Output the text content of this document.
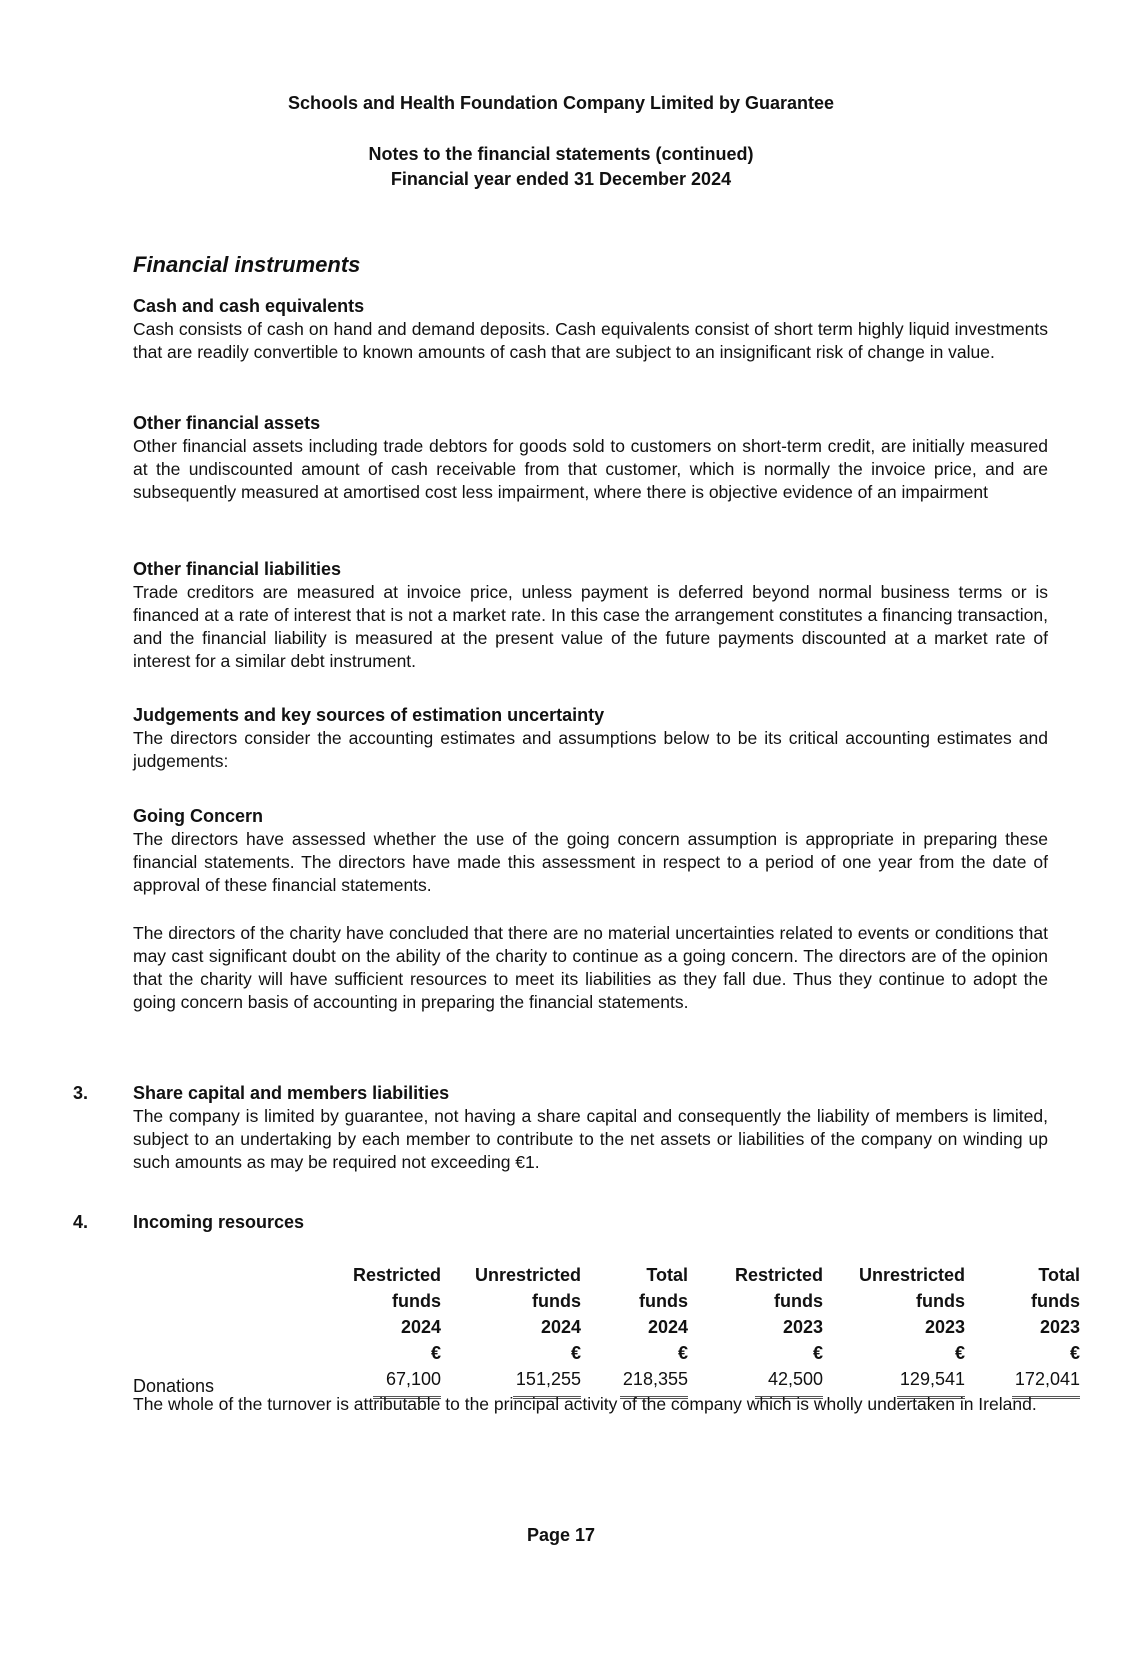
Schools and Health Foundation Company Limited by Guarantee
Notes to the financial statements (continued)
Financial year ended 31 December 2024
Financial instruments
Cash and cash equivalents

Cash consists of cash on hand and demand deposits. Cash equivalents consist of short term highly liquid investments that are readily convertible to known amounts of cash that are subject to an insignificant risk of change in value.

Other financial assets

Other financial assets including trade debtors for goods sold to customers on short-term credit, are initially measured at the undiscounted amount of cash receivable from that customer, which is normally the invoice price, and are subsequently measured at amortised cost less impairment, where there is objective evidence of an impairment

Other financial liabilities

Trade creditors are measured at invoice price, unless payment is deferred beyond normal business terms or is financed at a rate of interest that is not a market rate. In this case the arrangement constitutes a financing transaction, and the financial liability is measured at the present value of the future payments discounted at a market rate of interest for a similar debt instrument.

Judgements and key sources of estimation uncertainty

The directors consider the accounting estimates and assumptions below to be its critical accounting estimates and judgements:

Going Concern

The directors have assessed whether the use of the going concern assumption is appropriate in preparing these financial statements. The directors have made this assessment in respect to a period of one year from the date of approval of these financial statements.

The directors of the charity have concluded that there are no material uncertainties related to events or conditions that may cast significant doubt on the ability of the charity to continue as a going concern. The directors are of the opinion that the charity will have sufficient resources to meet its liabilities as they fall due. Thus they continue to adopt the going concern basis of accounting in preparing the financial statements.

3. Share capital and members liabilities

The company is limited by guarantee, not having a share capital and consequently the liability of members is limited, subject to an undertaking by each member to contribute to the net assets or liabilities of the company on winding up such amounts as may be required not exceeding €1.

4. Incoming resources
	Restricted
funds
2024
€	Unrestricted
funds
2024
€	Total
funds
2024
€	Restricted
funds
2023
€	Unrestricted
funds
2023
€	Total
funds
2023
€
Donations	67,100	151,255	218,355	42,500	129,541	172,041
The whole of the turnover is attributable to the principal activity of the company which is wholly undertaken in Ireland.
Page 17
